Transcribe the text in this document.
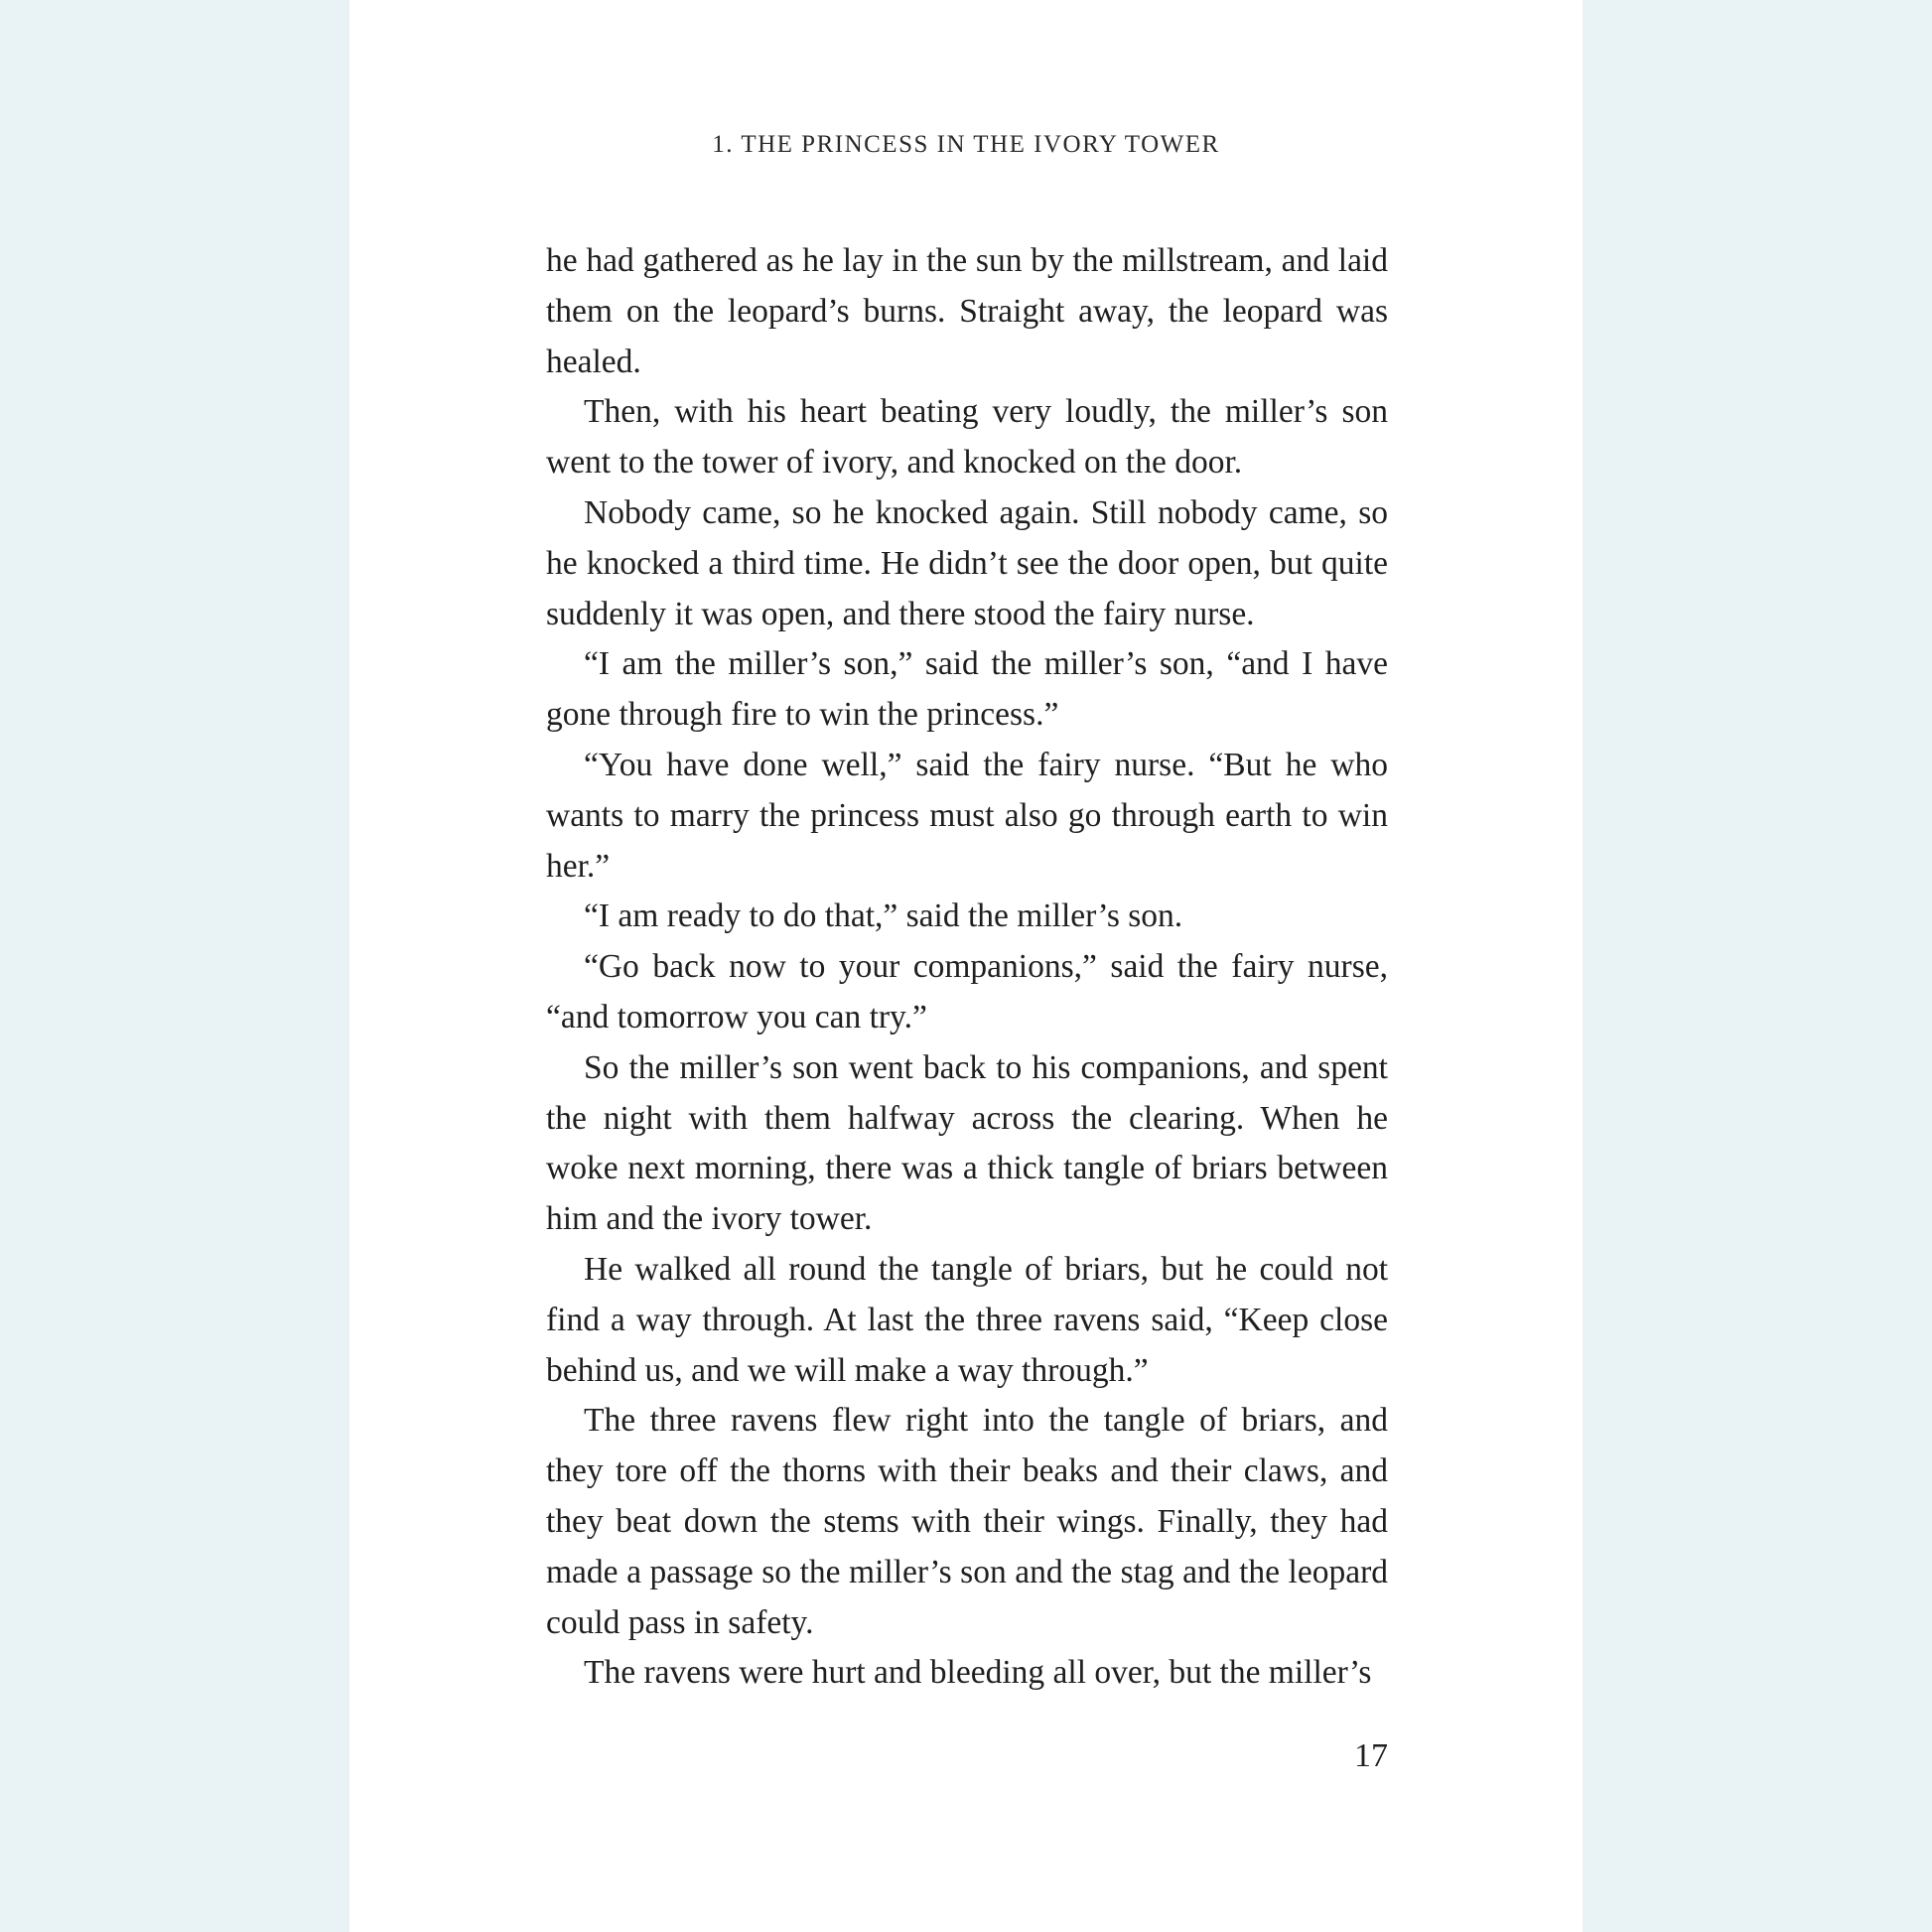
1. THE PRINCESS IN THE IVORY TOWER

he had gathered as he lay in the sun by the millstream, and laid them on the leopard’s burns. Straight away, the leopard was healed.

Then, with his heart beating very loudly, the miller’s son went to the tower of ivory, and knocked on the door.

Nobody came, so he knocked again. Still nobody came, so he knocked a third time. He didn’t see the door open, but quite suddenly it was open, and there stood the fairy nurse.

“I am the miller’s son,” said the miller’s son, “and I have gone through fire to win the princess.”

“You have done well,” said the fairy nurse. “But he who wants to marry the princess must also go through earth to win her.”

“I am ready to do that,” said the miller’s son.

“Go back now to your companions,” said the fairy nurse, “and tomorrow you can try.”

So the miller’s son went back to his companions, and spent the night with them halfway across the clearing. When he woke next morning, there was a thick tangle of briars between him and the ivory tower.

He walked all round the tangle of briars, but he could not find a way through. At last the three ravens said, “Keep close behind us, and we will make a way through.”

The three ravens flew right into the tangle of briars, and they tore off the thorns with their beaks and their claws, and they beat down the stems with their wings. Finally, they had made a passage so the miller’s son and the stag and the leopard could pass in safety.

The ravens were hurt and bleeding all over, but the miller’s

17
